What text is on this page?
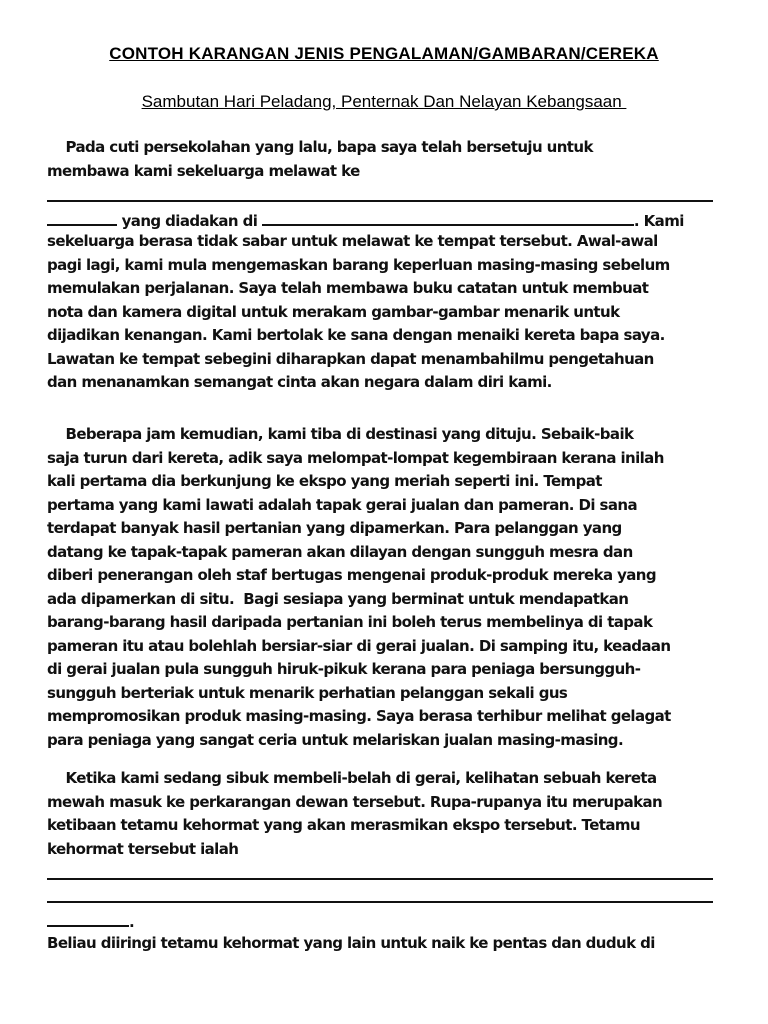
CONTOH KARANGAN JENIS PENGALAMAN/GAMBARAN/CEREKA
Sambutan Hari Peladang, Penternak Dan Nelayan Kebangsaan
Pada cuti persekolahan yang lalu, bapa saya telah bersetuju untuk
membawa kami sekeluarga melawat ke
yang diadakan di	. Kami
sekeluarga berasa tidak sabar untuk melawat ke tempat tersebut. Awal-awal
pagi lagi, kami mula mengemaskan barang keperluan masing-masing sebelum
memulakan perjalanan. Saya telah membawa buku catatan untuk membuat
nota dan kamera digital untuk merakam gambar-gambar menarik untuk
dijadikan kenangan. Kami bertolak ke sana dengan menaiki kereta bapa saya.
Lawatan ke tempat sebegini diharapkan dapat menambahilmu pengetahuan
dan menanamkan semangat cinta akan negara dalam diri kami.
Beberapa jam kemudian, kami tiba di destinasi yang dituju. Sebaik-baik
saja turun dari kereta, adik saya melompat-lompat kegembiraan kerana inilah
kali pertama dia berkunjung ke ekspo yang meriah seperti ini. Tempat
pertama yang kami lawati adalah tapak gerai jualan dan pameran. Di sana
terdapat banyak hasil pertanian yang dipamerkan. Para pelanggan yang
datang ke tapak-tapak pameran akan dilayan dengan sungguh mesra dan
diberi penerangan oleh staf bertugas mengenai produk-produk mereka yang
ada dipamerkan di situ.  Bagi sesiapa yang berminat untuk mendapatkan
barang-barang hasil daripada pertanian ini boleh terus membelinya di tapak
pameran itu atau bolehlah bersiar-siar di gerai jualan. Di samping itu, keadaan
di gerai jualan pula sungguh hiruk-pikuk kerana para peniaga bersungguh-
sungguh berteriak untuk menarik perhatian pelanggan sekali gus
mempromosikan produk masing-masing. Saya berasa terhibur melihat gelagat
para peniaga yang sangat ceria untuk melariskan jualan masing-masing.
Ketika kami sedang sibuk membeli-belah di gerai, kelihatan sebuah kereta
mewah masuk ke perkarangan dewan tersebut. Rupa-rupanya itu merupakan
ketibaan tetamu kehormat yang akan merasmikan ekspo tersebut. Tetamu
kehormat tersebut ialah
.
Beliau diiringi tetamu kehormat yang lain untuk naik ke pentas dan duduk di
